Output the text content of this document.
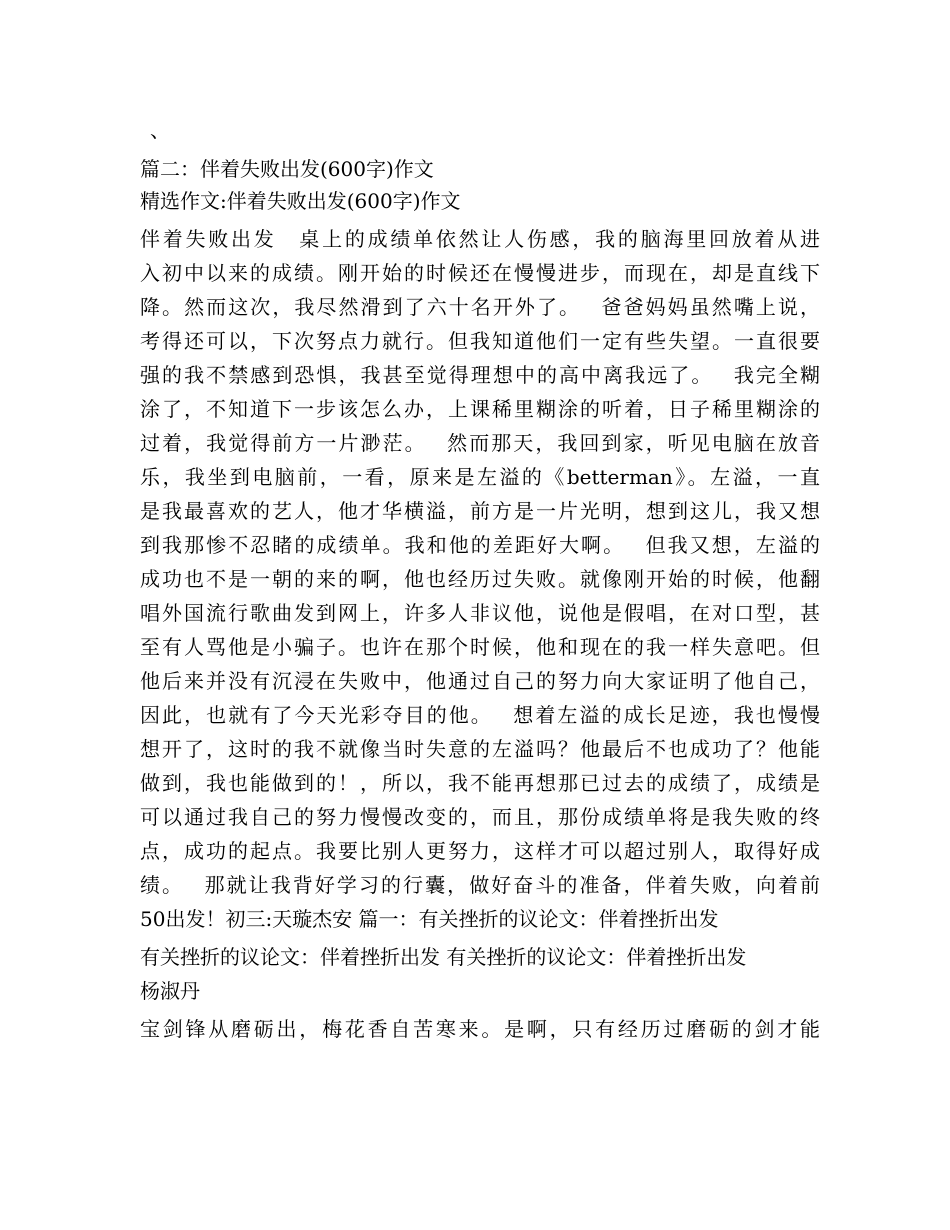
、
篇二：伴着失败出发(600字)作文
精选作文:伴着失败出发(600字)作文
伴着失败出发　桌上的成绩单依然让人伤感，我的脑海里回放着从进
入初中以来的成绩。刚开始的时候还在慢慢进步，而现在，却是直线下
降。然而这次，我尽然滑到了六十名开外了。　 爸爸妈妈虽然嘴上说，
考得还可以，下次努点力就行。但我知道他们一定有些失望。一直很要
强的我不禁感到恐惧，我甚至觉得理想中的高中离我远了。　 我完全糊
涂了，不知道下一步该怎么办，上课稀里糊涂的听着，日子稀里糊涂的
过着，我觉得前方一片渺茫。　 然而那天，我回到家，听见电脑在放音
乐，我坐到电脑前，一看，原来是左溢的《betterman》。左溢，一直
是我最喜欢的艺人，他才华横溢，前方是一片光明，想到这儿，我又想
到我那惨不忍睹的成绩单。我和他的差距好大啊。　 但我又想，左溢的
成功也不是一朝的来的啊，他也经历过失败。就像刚开始的时候，他翻
唱外国流行歌曲发到网上，许多人非议他，说他是假唱，在对口型，甚
至有人骂他是小骗子。也许在那个时候，他和现在的我一样失意吧。但
他后来并没有沉浸在失败中，他通过自己的努力向大家证明了他自己，
因此，也就有了今天光彩夺目的他。　 想着左溢的成长足迹，我也慢慢
想开了，这时的我不就像当时失意的左溢吗？他最后不也成功了？他能
做到，我也能做到的！，所以，我不能再想那已过去的成绩了，成绩是
可以通过我自己的努力慢慢改变的，而且，那份成绩单将是我失败的终
点，成功的起点。我要比别人更努力，这样才可以超过别人，取得好成
绩。　 那就让我背好学习的行囊，做好奋斗的准备，伴着失败，向着前
50出发！初三:天璇杰安 篇一：有关挫折的议论文：伴着挫折出发
有关挫折的议论文：伴着挫折出发 有关挫折的议论文：伴着挫折出发
杨淑丹
宝剑锋从磨砺出，梅花香自苦寒来。是啊，只有经历过磨砺的剑才能
